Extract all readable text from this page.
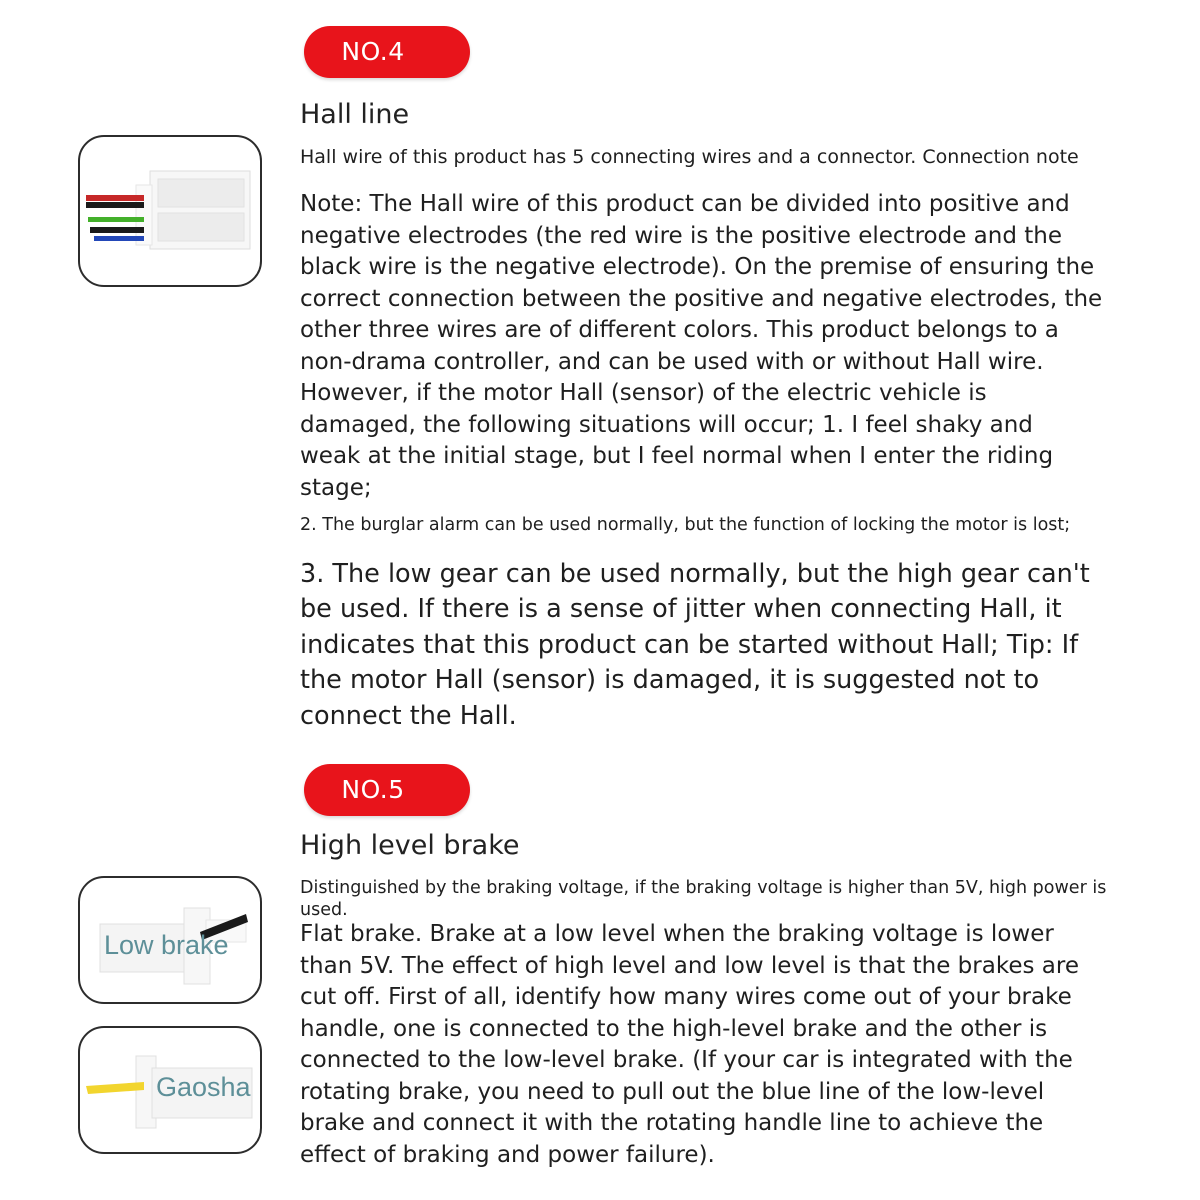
NO.4
Hall line

Hall wire of this product has 5 connecting wires and a connector. Connection note

Note: The Hall wire of this product can be divided into positive and
negative electrodes (the red wire is the positive electrode and the
black wire is the negative electrode). On the premise of ensuring the
correct connection between the positive and negative electrodes, the
other three wires are of different colors. This product belongs to a
non-drama controller, and can be used with or without Hall wire.
However, if the motor Hall (sensor) of the electric vehicle is
damaged, the following situations will occur; 1. I feel shaky and
weak at the initial stage, but I feel normal when I enter the riding
stage;

2. The burglar alarm can be used normally, but the function of locking the motor is lost;

3. The low gear can be used normally, but the high gear can't
be used. If there is a sense of jitter when connecting Hall, it
indicates that this product can be started without Hall; Tip: If
the motor Hall (sensor) is damaged, it is suggested not to
connect the Hall.
NO.5
High level brake
Distinguished by the braking voltage, if the braking voltage is higher than 5V, high power is
used.
Flat brake. Brake at a low level when the braking voltage is lower
than 5V. The effect of high level and low level is that the brakes are
cut off. First of all, identify how many wires come out of your brake
handle, one is connected to the high-level brake and the other is
connected to the low-level brake. (If your car is integrated with the
rotating brake, you need to pull out the blue line of the low-level
brake and connect it with the rotating handle line to achieve the
effect of braking and power failure).
Low brake
Gaosha
